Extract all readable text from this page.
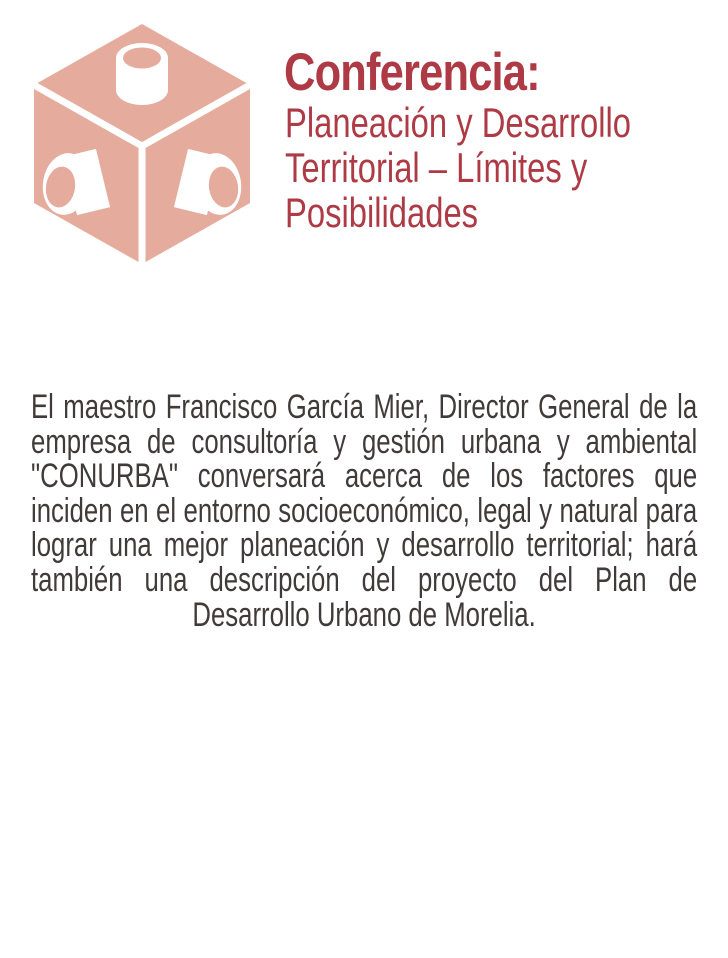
Conferencia:
Planeación y Desarrollo
Territorial – Límites y
Posibilidades

El maestro Francisco García Mier, Director General de la empresa de consultoría y gestión urbana y ambiental "CONURBA" conversará acerca de los factores que inciden en el entorno socioeconómico, legal y natural para lograr una mejor planeación y desarrollo territorial; hará también una descripción del proyecto del Plan de Desarrollo Urbano de Morelia.
